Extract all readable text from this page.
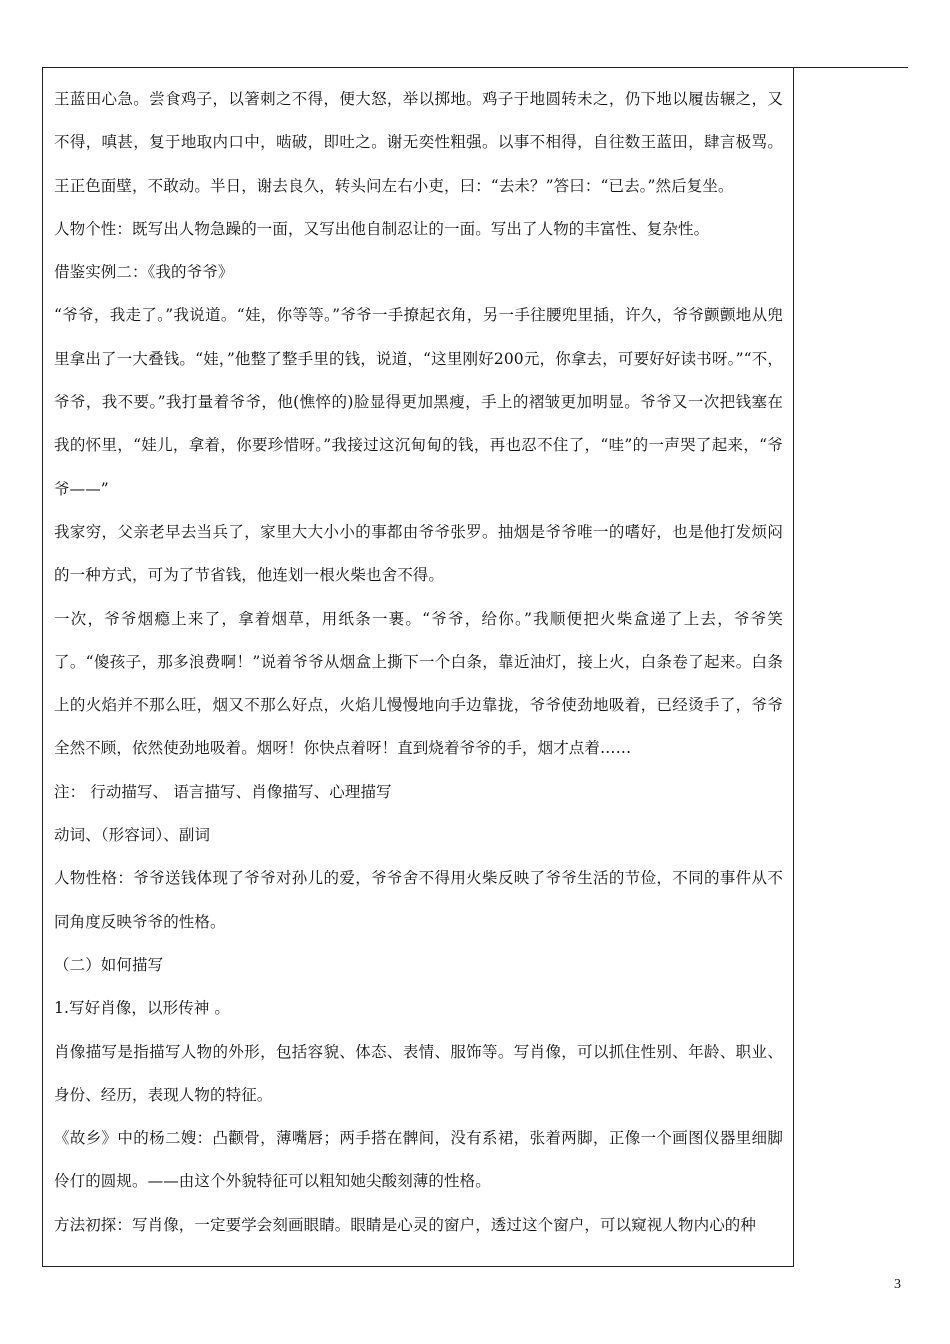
王蓝田心急。尝食鸡子，以箸刺之不得，便大怒，举以掷地。鸡子于地圆转未之，仍下地以履齿辗之，又不得，嗔甚，复于地取内口中，啮破，即吐之。谢无奕性粗强。以事不相得，自往数王蓝田，肆言极骂。王正色面壁，不敢动。半日，谢去良久，转头问左右小吏，曰：“去未？”答曰：“已去。”然后复坐。

人物个性：既写出人物急躁的一面，又写出他自制忍让的一面。写出了人物的丰富性、复杂性。

借鉴实例二：《我的爷爷》

“爷爷，我走了。”我说道。“娃，你等等。”爷爷一手撩起衣角，另一手往腰兜里插，许久，爷爷颤颤地从兜里拿出了一大叠钱。“娃，”他整了整手里的钱，说道，“这里刚好200元，你拿去，可要好好读书呀。”“不，爷爷，我不要。”我打量着爷爷，他(憔悴的)脸显得更加黑瘦，手上的褶皱更加明显。爷爷又一次把钱塞在我的怀里，“娃儿，拿着，你要珍惜呀。”我接过这沉甸甸的钱，再也忍不住了，“哇”的一声哭了起来，“爷爷——”

我家穷，父亲老早去当兵了，家里大大小小的事都由爷爷张罗。抽烟是爷爷唯一的嗜好，也是他打发烦闷的一种方式，可为了节省钱，他连划一根火柴也舍不得。

一次，爷爷烟瘾上来了，拿着烟草，用纸条一裹。“爷爷，给你。”我顺便把火柴盒递了上去，爷爷笑了。“傻孩子，那多浪费啊！”说着爷爷从烟盒上撕下一个白条，靠近油灯，接上火，白条卷了起来。白条上的火焰并不那么旺，烟又不那么好点，火焰儿慢慢地向手边靠拢，爷爷使劲地吸着，已经烫手了，爷爷全然不顾，依然使劲地吸着。烟呀！你快点着呀！直到烧着爷爷的手，烟才点着……

注： 行动描写、 语言描写、肖像描写、心理描写

动词、（形容词）、副词

人物性格：爷爷送钱体现了爷爷对孙儿的爱，爷爷舍不得用火柴反映了爷爷生活的节俭，不同的事件从不同角度反映爷爷的性格。

（二）如何描写

1.写好肖像，以形传神 。

肖像描写是指描写人物的外形，包括容貌、体态、表情、服饰等。写肖像，可以抓住性别、年龄、职业、身份、经历，表现人物的特征。

《故乡》中的杨二嫂：凸颧骨，薄嘴唇；两手搭在髀间，没有系裙，张着两脚，正像一个画图仪器里细脚伶仃的圆规。——由这个外貌特征可以粗知她尖酸刻薄的性格。

方法初探：写肖像，一定要学会刻画眼睛。眼睛是心灵的窗户，透过这个窗户，可以窥视人物内心的种

3
